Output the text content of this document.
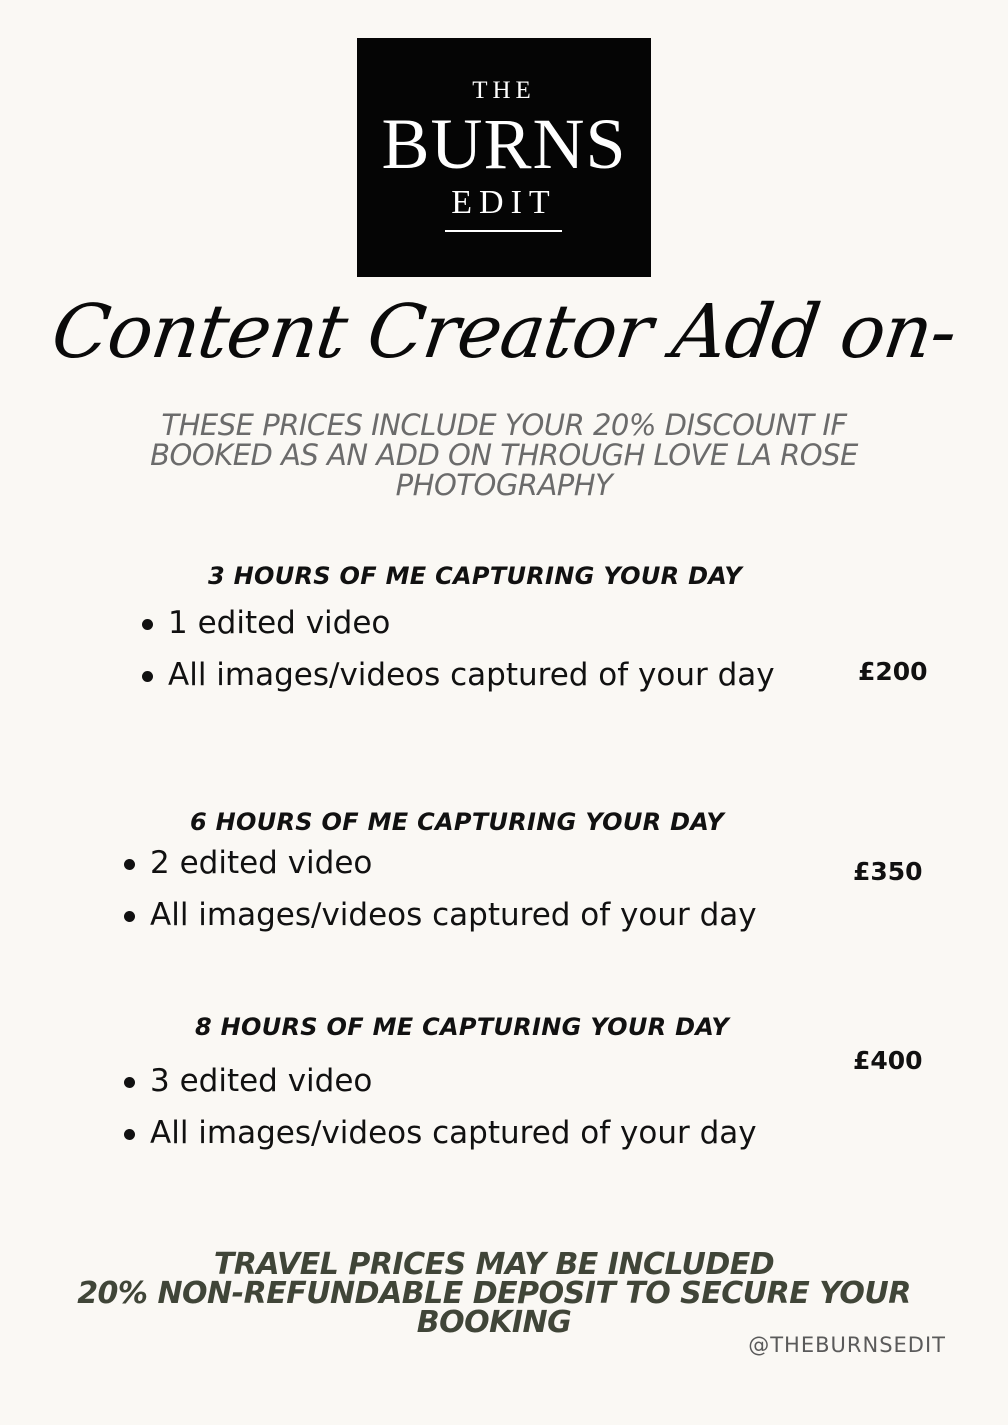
THE
BURNS
EDIT
Content Creator Add on-
THESE PRICES INCLUDE YOUR 20% DISCOUNT IF BOOKED AS AN ADD ON THROUGH LOVE LA ROSE PHOTOGRAPHY
3 HOURS OF ME CAPTURING YOUR DAY
1 edited video
All images/videos captured of your day	£200
6 HOURS OF ME CAPTURING YOUR DAY
2 edited video
All images/videos captured of your day
£350
8 HOURS OF ME CAPTURING YOUR DAY
3 edited video
All images/videos captured of your day
£400
TRAVEL PRICES MAY BE INCLUDED
20% NON-REFUNDABLE DEPOSIT TO SECURE YOUR BOOKING
@THEBURNSEDIT
